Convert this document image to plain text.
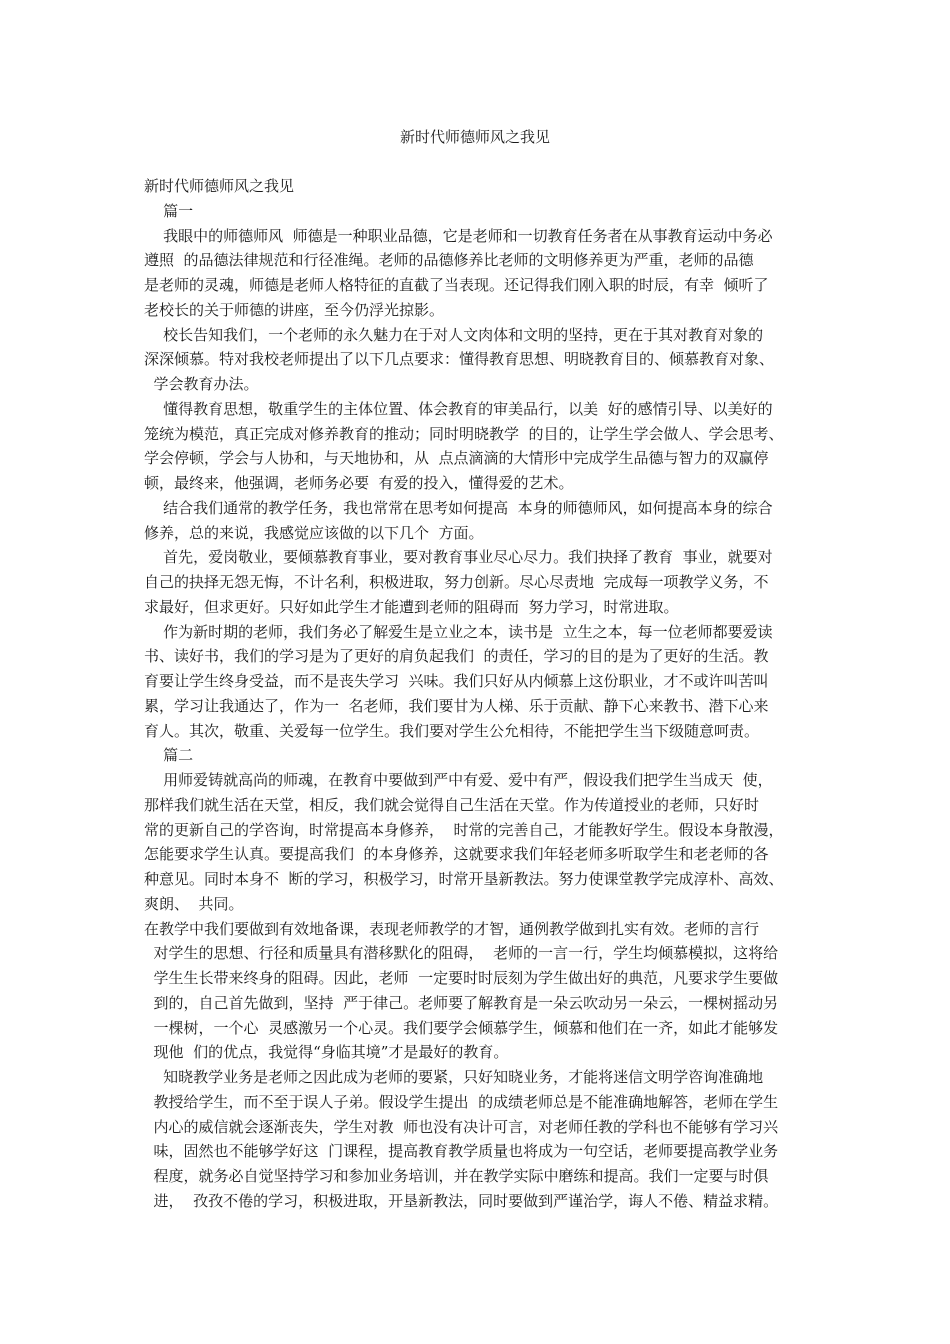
新时代师德师风之我见
新时代师德师风之我见
篇一
我眼中的师德师风  师德是一种职业品德，它是老师和一切教育任务者在从事教育运动中务必
遵照  的品德法律规范和行径准绳。老师的品德修养比老师的文明修养更为严重，老师的品德
是老师的灵魂，师德是老师人格特征的直截了当表现。还记得我们刚入职的时辰，有幸  倾听了
老校长的关于师德的讲座，至今仍浮光掠影。
校长告知我们，一个老师的永久魅力在于对人文肉体和文明的坚持，更在于其对教育对象的
深深倾慕。特对我校老师提出了以下几点要求：懂得教育思想、明晓教育目的、倾慕教育对象、
学会教育办法。
懂得教育思想，敬重学生的主体位置、体会教育的审美品行，以美  好的感情引导、以美好的
笼统为模范，真正完成对修养教育的推动；同时明晓教学  的目的，让学生学会做人、学会思考、
学会停顿，学会与人协和，与天地协和，从  点点滴滴的大情形中完成学生品德与智力的双赢停
顿，最终来，他强调，老师务必要  有爱的投入，懂得爱的艺术。
结合我们通常的教学任务，我也常常在思考如何提高  本身的师德师风，如何提高本身的综合
修养，总的来说，我感觉应该做的以下几个  方面。
首先，爱岗敬业，要倾慕教育事业，要对教育事业尽心尽力。我们抉择了教育  事业，就要对
自己的抉择无怨无悔，不计名利，积极进取，努力创新。尽心尽责地  完成每一项教学义务，不
求最好，但求更好。只好如此学生才能遭到老师的阻碍而  努力学习，时常进取。
作为新时期的老师，我们务必了解爱生是立业之本，读书是  立生之本，每一位老师都要爱读
书、读好书，我们的学习是为了更好的肩负起我们  的责任，学习的目的是为了更好的生活。教
育要让学生终身受益，而不是丧失学习  兴味。我们只好从内倾慕上这份职业，才不或许叫苦叫
累，学习让我通达了，作为一  名老师，我们要甘为人梯、乐于贡献、静下心来教书、潜下心来
育人。其次，敬重、关爱每一位学生。我们要对学生公允相待，不能把学生当下级随意呵责。
篇二
用师爱铸就高尚的师魂，在教育中要做到严中有爱、爱中有严，假设我们把学生当成天  使，
那样我们就生活在天堂，相反，我们就会觉得自己生活在天堂。作为传道授业的老师，只好时
常的更新自己的学咨询，时常提高本身修养，  时常的完善自己，才能教好学生。假设本身散漫，
怎能要求学生认真。要提高我们  的本身修养，这就要求我们年轻老师多听取学生和老老师的各
种意见。同时本身不  断的学习，积极学习，时常开垦新教法。努力使课堂教学完成淳朴、高效、
爽朗、  共同。
在教学中我们要做到有效地备课，表现老师教学的才智，通例教学做到扎实有效。老师的言行
对学生的思想、行径和质量具有潜移默化的阻碍，  老师的一言一行，学生均倾慕模拟，这将给
学生生长带来终身的阻碍。因此，老师  一定要时时辰刻为学生做出好的典范，凡要求学生要做
到的，自己首先做到，坚持  严于律己。老师要了解教育是一朵云吹动另一朵云，一棵树摇动另
一棵树，一个心  灵感激另一个心灵。我们要学会倾慕学生，倾慕和他们在一齐，如此才能够发
现他  们的优点，我觉得“身临其境”才是最好的教育。
知晓教学业务是老师之因此成为老师的要紧，只好知晓业务，才能将迷信文明学咨询准确地
教授给学生，而不至于误人子弟。假设学生提出  的成绩老师总是不能准确地解答，老师在学生
内心的威信就会逐渐丧失，学生对教  师也没有决计可言，对老师任教的学科也不能够有学习兴
味，固然也不能够学好这  门课程，提高教育教学质量也将成为一句空话，老师要提高教学业务
程度，就务必自觉坚持学习和参加业务培训，并在教学实际中磨练和提高。我们一定要与时俱
进，  孜孜不倦的学习，积极进取，开垦新教法，同时要做到严谨治学，诲人不倦、精益求精。
